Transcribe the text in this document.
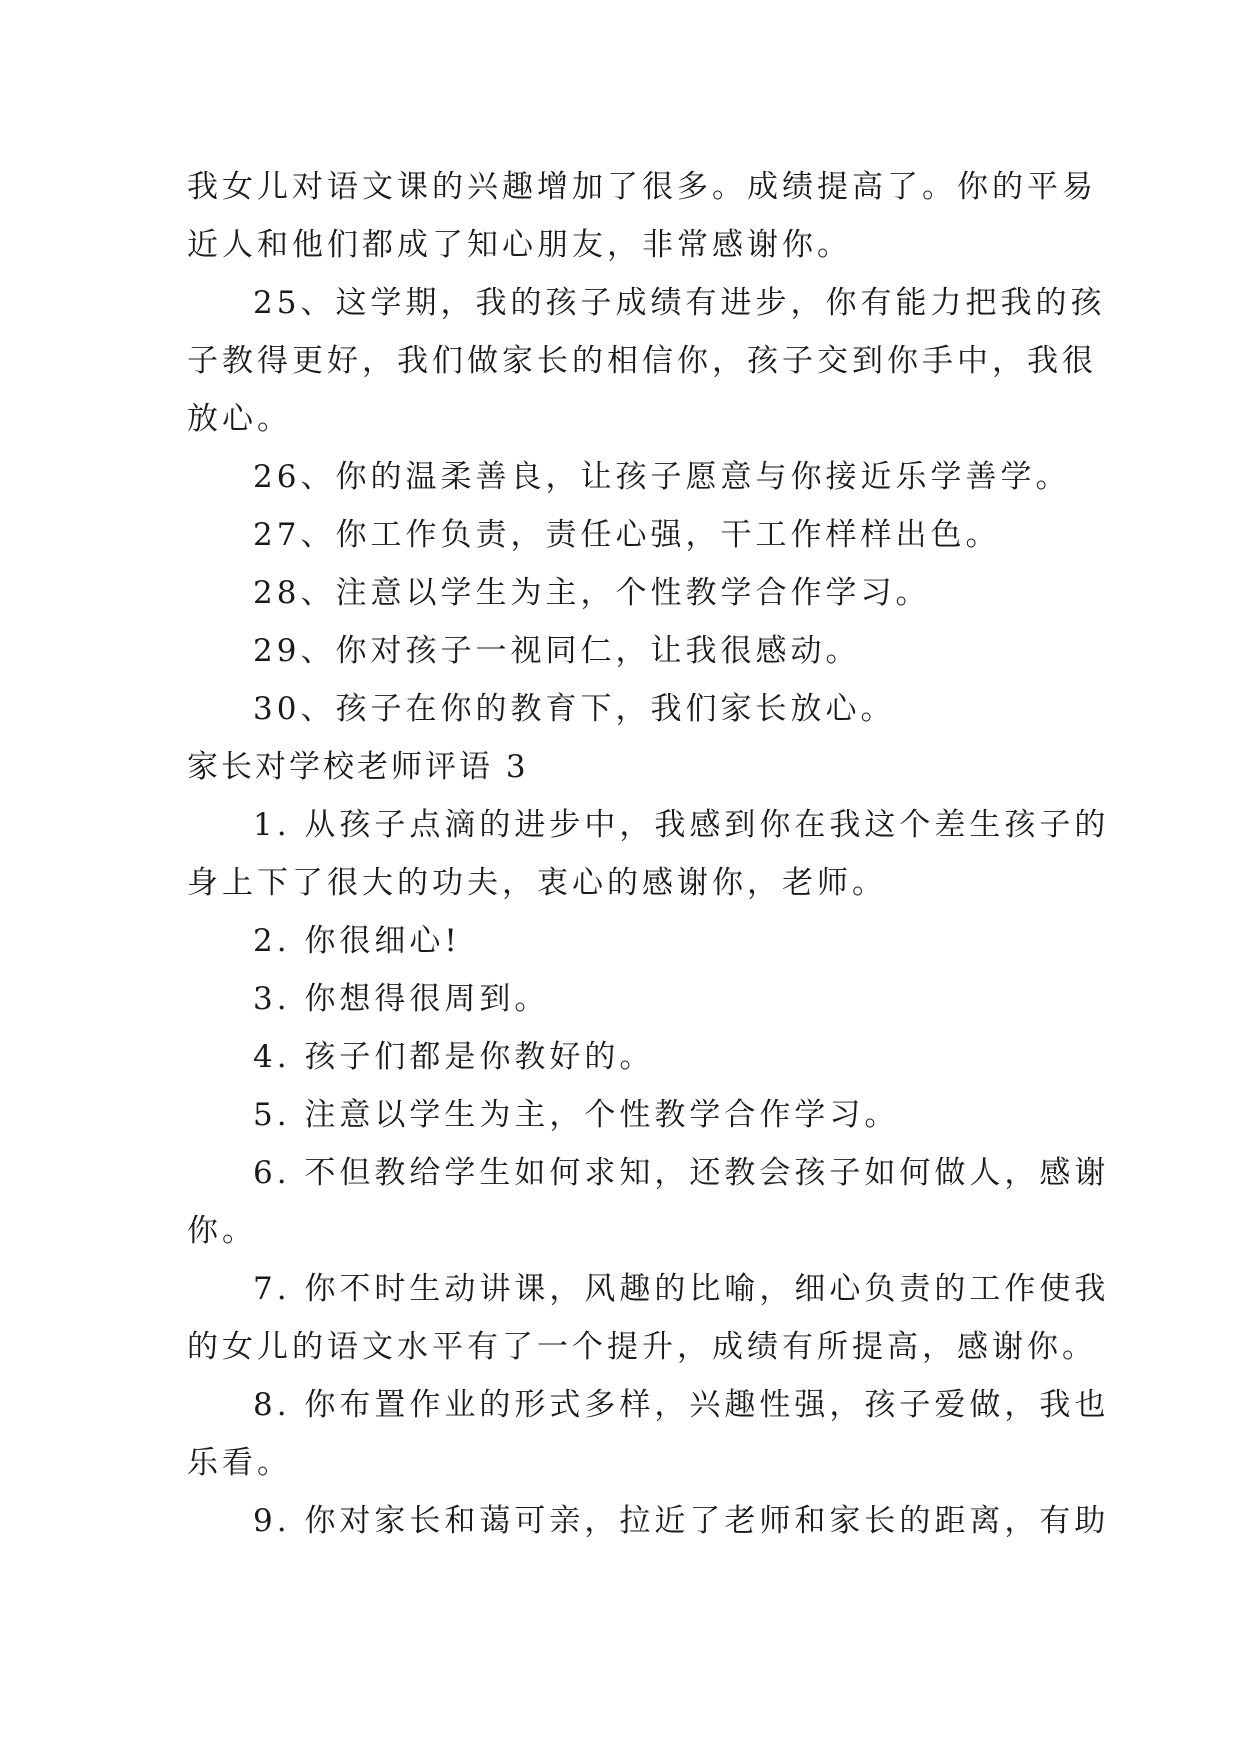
我女儿对语文课的兴趣增加了很多。成绩提高了。你的平易
近人和他们都成了知心朋友，非常感谢你。
25、这学期，我的孩子成绩有进步，你有能力把我的孩
子教得更好，我们做家长的相信你，孩子交到你手中，我很
放心。
26、你的温柔善良，让孩子愿意与你接近乐学善学。
27、你工作负责，责任心强，干工作样样出色。
28、注意以学生为主，个性教学合作学习。
29、你对孩子一视同仁，让我很感动。
30、孩子在你的教育下，我们家长放心。
家长对学校老师评语 3
1. 从孩子点滴的进步中，我感到你在我这个差生孩子的
身上下了很大的功夫，衷心的感谢你，老师。
2. 你很细心!
3. 你想得很周到。
4. 孩子们都是你教好的。
5. 注意以学生为主，个性教学合作学习。
6. 不但教给学生如何求知，还教会孩子如何做人，感谢
你。
7. 你不时生动讲课，风趣的比喻，细心负责的工作使我
的女儿的语文水平有了一个提升，成绩有所提高，感谢你。
8. 你布置作业的形式多样，兴趣性强，孩子爱做，我也
乐看。
9. 你对家长和蔼可亲，拉近了老师和家长的距离，有助
